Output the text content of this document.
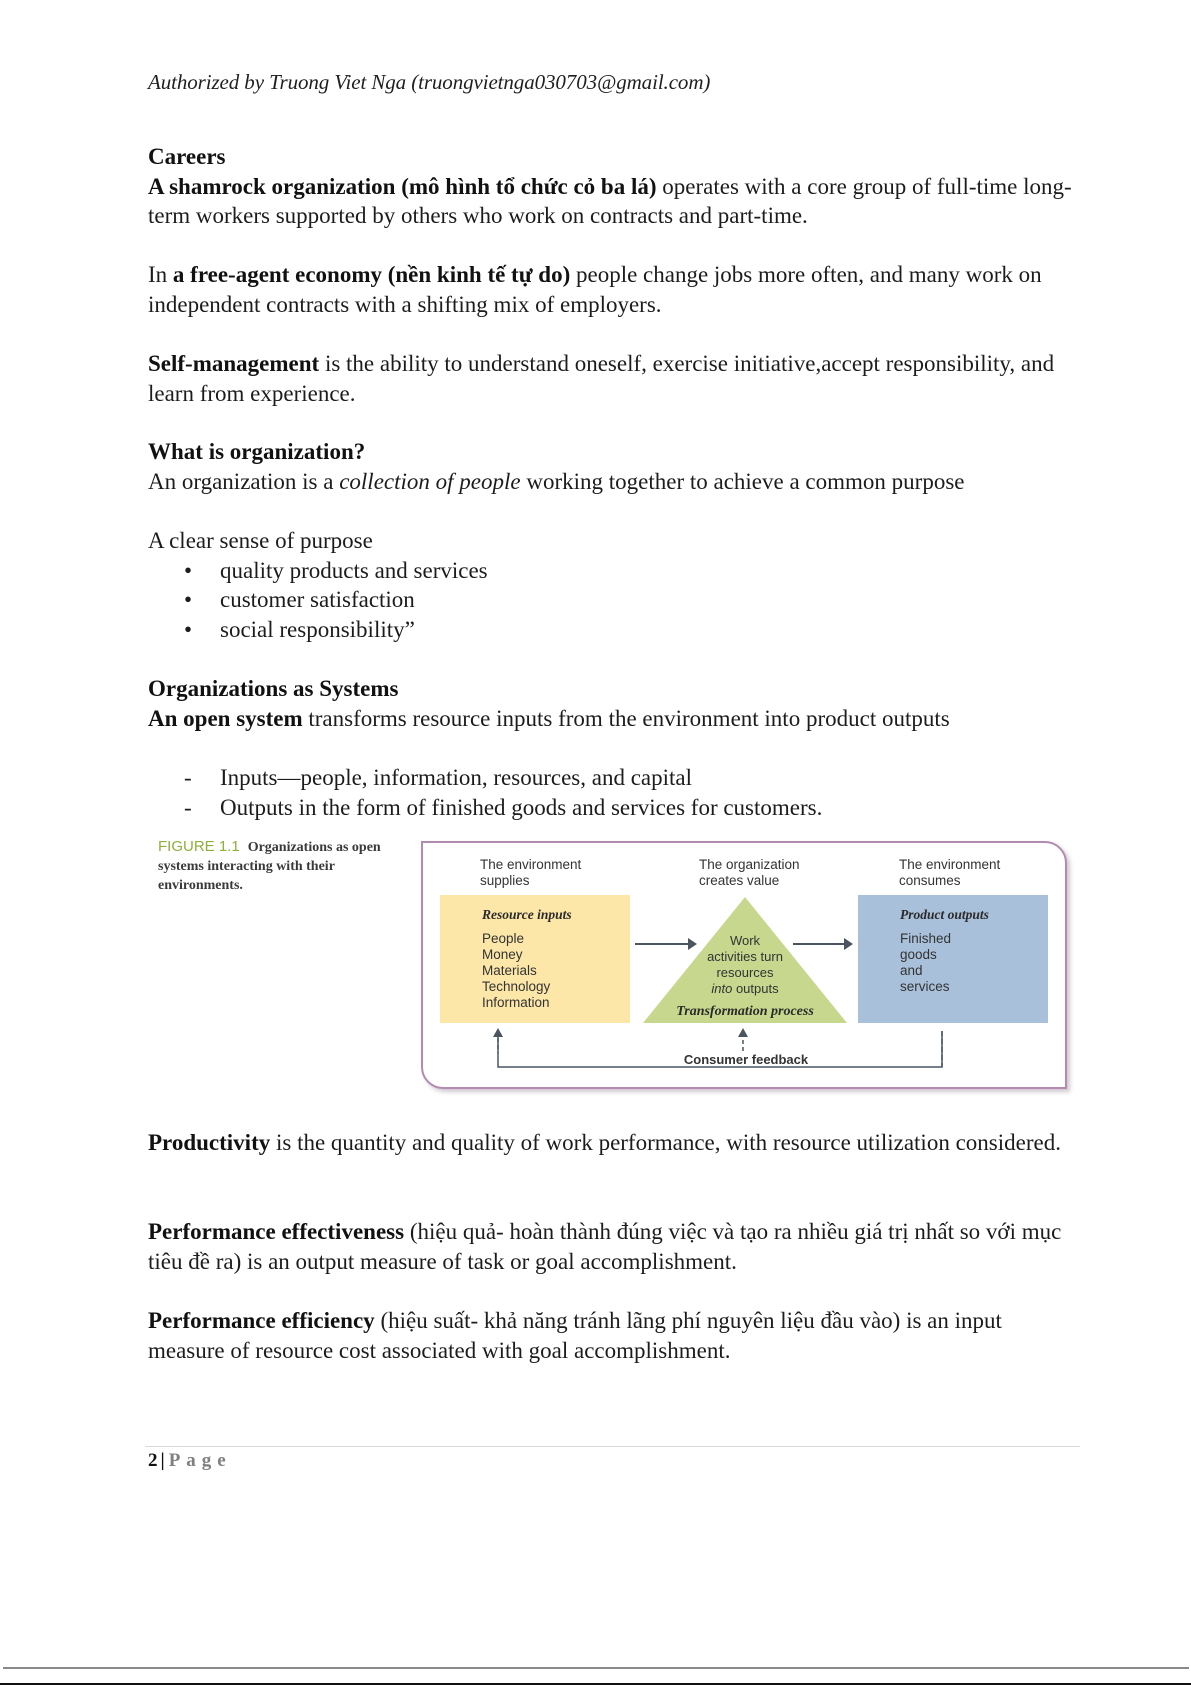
Authorized by Truong Viet Nga (truongvietnga030703@gmail.com)

Careers

A shamrock organization (mô hình tổ chức cỏ ba lá) operates with a core group of full-time long-term workers supported by others who work on contracts and part-time.

In a free-agent economy (nền kinh tế tự do) people change jobs more often, and many work on independent contracts with a shifting mix of employers.

Self-management is the ability to understand oneself, exercise initiative,accept responsibility, and learn from experience.

What is organization?

An organization is a collection of people working together to achieve a common purpose

A clear sense of purpose

• quality products and services
• customer satisfaction
• social responsibility”

Organizations as Systems

An open system transforms resource inputs from the environment into product outputs

- Inputs—people, information, resources, and capital
- Outputs in the form of finished goods and services for customers.
FIGURE 1.1 Organizations as open systems interacting with their environments.
The environment
supplies
The organization
creates value
The environment
consumes
Resource inputs
People
Money
Materials
Technology
Information
Work
activities turn
resources
into outputs
Transformation process
Product outputs
Finished
goods
and
services
Consumer feedback

Productivity is the quantity and quality of work performance, with resource utilization considered.

Performance effectiveness (hiệu quả- hoàn thành đúng việc và tạo ra nhiều giá trị nhất so với mục tiêu đề ra) is an output measure of task or goal accomplishment.

Performance efficiency (hiệu suất- khả năng tránh lãng phí nguyên liệu đầu vào) is an input measure of resource cost associated with goal accomplishment.

2 | Page
